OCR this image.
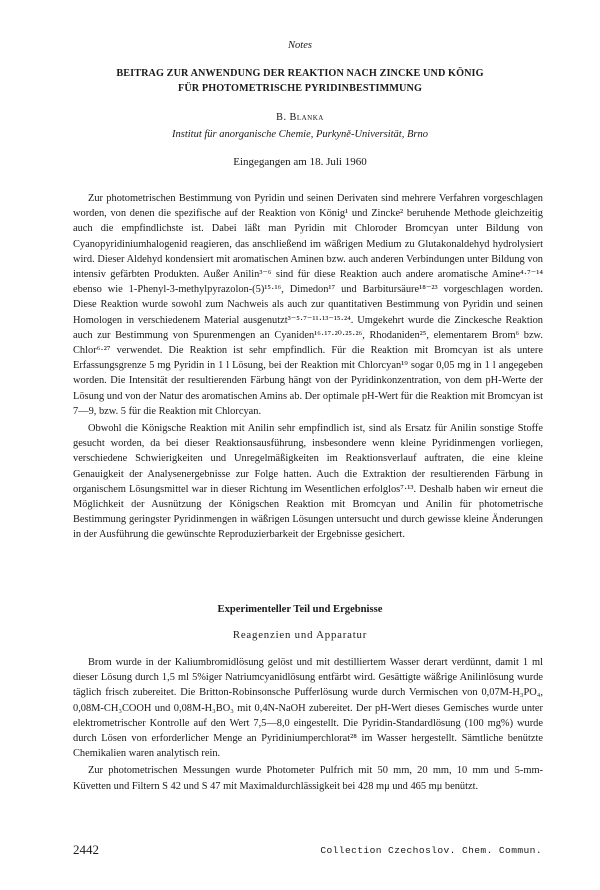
Notes
BEITRAG ZUR ANWENDUNG DER REAKTION NACH ZINCKE UND KÖNIG
FÜR PHOTOMETRISCHE PYRIDINBESTIMMUNG
B. Blanka
Institut für anorganische Chemie, Purkyně-Universität, Brno
Eingegangen am 18. Juli 1960

Zur photometrischen Bestimmung von Pyridin und seinen Derivaten sind mehrere Verfahren vorgeschlagen worden, von denen die spezifische auf der Reaktion von König¹ und Zincke² beruhende Methode gleichzeitig auch die empfindlichste ist. Dabei läßt man Pyridin mit Chloroder Bromcyan unter Bildung von Cyanopyridiniumhalogenid reagieren, das anschließend im wäßrigen Medium zu Glutakonaldehyd hydrolysiert wird. Dieser Aldehyd kondensiert mit aromatischen Aminen bzw. auch anderen Verbindungen unter Bildung von intensiv gefärbten Produkten. Außer Anilin³⁻⁶ sind für diese Reaktion auch andere aromatische Amine⁴·⁷⁻¹⁴ ebenso wie 1-Phenyl-3-methylpyrazolon-(5)¹⁵·¹⁶, Dimedon¹⁷ und Barbitursäure¹⁸⁻²³ vorgeschlagen worden. Diese Reaktion wurde sowohl zum Nachweis als auch zur quantitativen Bestimmung von Pyridin und seinen Homologen in verschiedenem Material ausgenutzt³⁻⁵·⁷⁻¹¹·¹³⁻¹⁵·²⁴. Umgekehrt wurde die Zinckesche Reaktion auch zur Bestimmung von Spurenmengen an Cyaniden¹⁶·¹⁷·²⁰·²⁵·²⁶, Rhodaniden²⁵, elementarem Brom⁶ bzw. Chlor⁶·²⁷ verwendet. Die Reaktion ist sehr empfindlich. Für die Reaktion mit Bromcyan ist als untere Erfassungsgrenze 5 mg Pyridin in 1 l Lösung, bei der Reaktion mit Chlorcyan¹⁹ sogar 0,05 mg in 1 l angegeben worden. Die Intensität der resultierenden Färbung hängt von der Pyridinkonzentration, von dem pH-Werte der Lösung und von der Natur des aromatischen Amins ab. Der optimale pH-Wert für die Reaktion mit Bromcyan ist 7—9, bzw. 5 für die Reaktion mit Chlorcyan.

Obwohl die Königsche Reaktion mit Anilin sehr empfindlich ist, sind als Ersatz für Anilin sonstige Stoffe gesucht worden, da bei dieser Reaktionsausführung, insbesondere wenn kleine Pyridinmengen vorliegen, verschiedene Schwierigkeiten und Unregelmäßigkeiten im Reaktionsverlauf auftraten, die eine kleine Genauigkeit der Analysenergebnisse zur Folge hatten. Auch die Extraktion der resultierenden Färbung in organischem Lösungsmittel war in dieser Richtung im Wesentlichen erfolglos⁷·¹³. Deshalb haben wir erneut die Möglichkeit der Ausnützung der Königschen Reaktion mit Bromcyan und Anilin für photometrische Bestimmung geringster Pyridinmengen in wäßrigen Lösungen untersucht und durch gewisse kleine Änderungen in der Ausführung die gewünschte Reproduzierbarkeit der Ergebnisse gesichert.

Experimenteller Teil und Ergebnisse
Reagenzien und Apparatur

Brom wurde in der Kaliumbromidlösung gelöst und mit destilliertem Wasser derart verdünnt, damit 1 ml dieser Lösung durch 1,5 ml 5%iger Natriumcyanidlösung entfärbt wird. Gesättigte wäßrige Anilinlösung wurde täglich frisch zubereitet. Die Britton-Robinsonsche Pufferlösung wurde durch Vermischen von 0,07M-H₃PO₄, 0,08M-CH₃COOH und 0,08M-H₃BO₃ mit 0,4N-NaOH zubereitet. Der pH-Wert dieses Gemisches wurde unter elektrometrischer Kontrolle auf den Wert 7,5—8,0 eingestellt. Die Pyridin-Standardlösung (100 mg%) wurde durch Lösen von erforderlicher Menge an Pyridiniumperchlorat²⁸ im Wasser hergestellt. Sämtliche benützte Chemikalien waren analytisch rein.

Zur photometrischen Messungen wurde Photometer Pulfrich mit 50 mm, 20 mm, 10 mm und 5-mm-Küvetten und Filtern S 42 und S 47 mit Maximaldurchlässigkeit bei 428 mμ und 465 mμ benützt.

2442	Collection Czechoslov. Chem. Commun.
